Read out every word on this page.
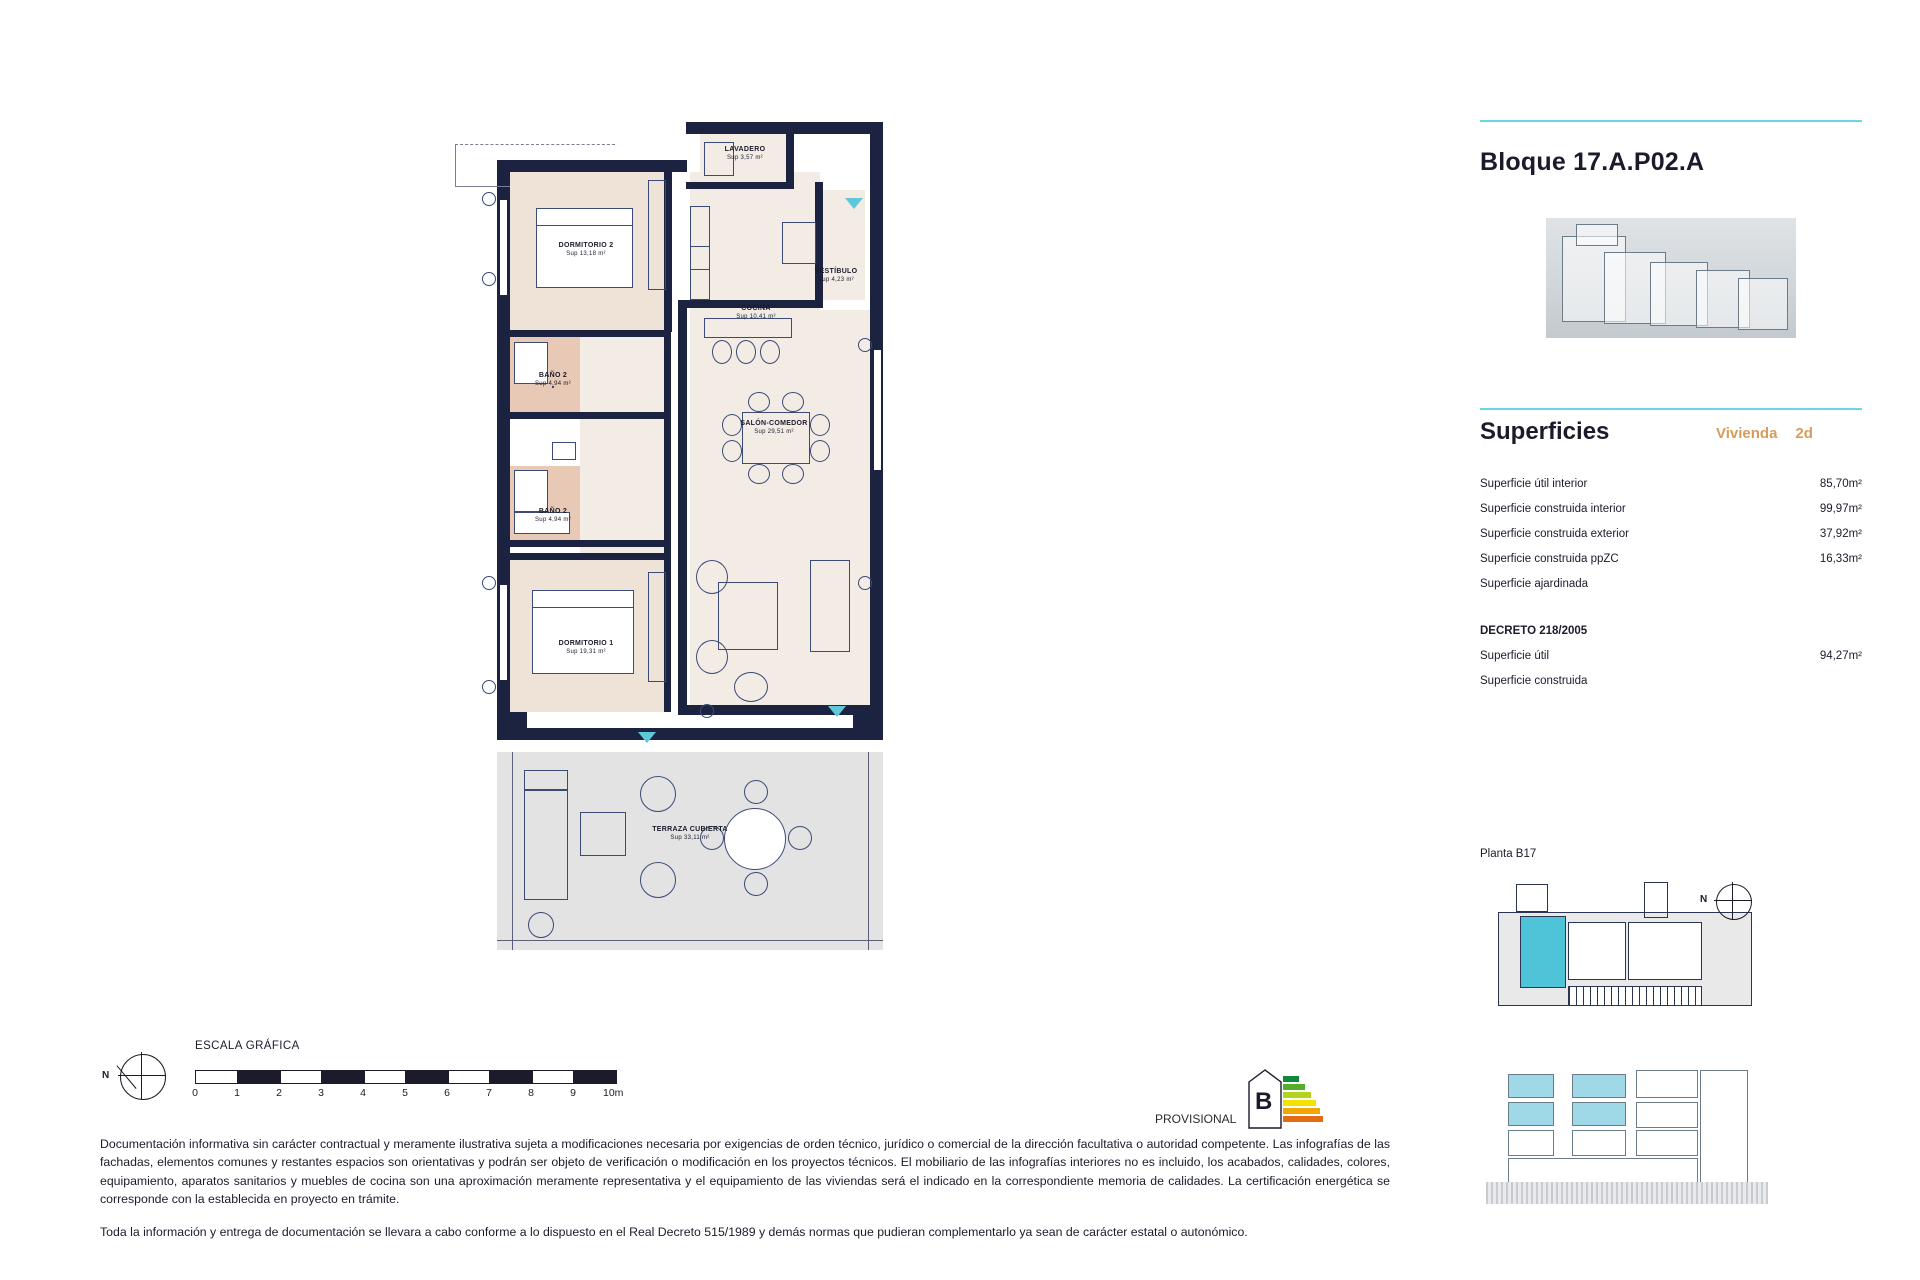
LAVADERO
Sup 3,57 m²
VESTÍBULO
Sup 4,23 m²
COCINA
Sup 10,41 m²
DORMITORIO 2
Sup 13,18 m²
BAÑO 2
Sup 4,94 m²
BAÑO 2
Sup 4,94 m²
DORMITORIO 1
Sup 19,31 m²
SALÓN-COMEDOR
Sup 29,51 m²
TERRAZA CUBIERTA
Sup 33,11 m²
N
ESCALA GRÁFICA
0	1	2	3	4	5	6	7	8	9	10m
PROVISIONAL
B

Documentación informativa sin carácter contractual y meramente ilustrativa sujeta a modificaciones necesaria por exigencias de orden técnico, jurídico o comercial de la dirección facultativa o autoridad competente. Las infografías de las fachadas, elementos comunes y restantes espacios son orientativas y podrán ser objeto de verificación o modificación en los proyectos técnicos. El mobiliario de las infografías interiores no es incluido, los acabados, calidades, colores, equipamiento, aparatos sanitarios y muebles de cocina son una aproximación meramente representativa y el equipamiento de las viviendas será el indicado en la correspondiente memoria de calidades. La certificación energética se corresponde con la establecida en proyecto en trámite.

Toda la información y entrega de documentación se llevara a cabo conforme a lo dispuesto en el Real Decreto 515/1989 y demás normas que pudieran complementarlo ya sean de carácter estatal o autonómico.

Bloque 17.A.P02.A
Superficies	Vivienda 2d
Superficie útil interior	85,70m²
Superficie construida interior	99,97m²
Superficie construida exterior	37,92m²
Superficie construida ppZC	16,33m²
Superficie ajardinada
DECRETO 218/2005
Superficie útil	94,27m²
Superficie construida
Planta B17
N
